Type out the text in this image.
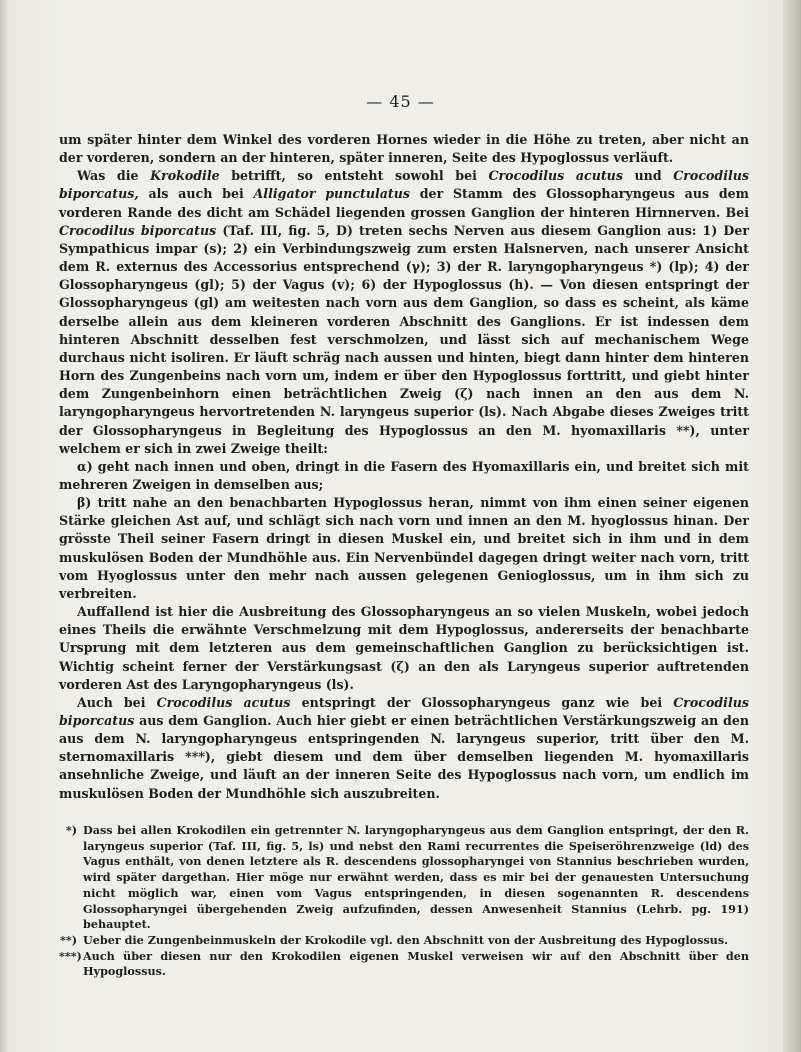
— 45 —

um später hinter dem Winkel des vorderen Hornes wieder in die Höhe zu treten, aber nicht an der vorderen, sondern an der hinteren, später inneren, Seite des Hypoglossus verläuft.

Was die Krokodile betrifft, so entsteht sowohl bei Crocodilus acutus und Crocodilus biporcatus, als auch bei Alligator punctulatus der Stamm des Glossopharyngeus aus dem vorderen Rande des dicht am Schädel liegenden grossen Ganglion der hinteren Hirnnerven. Bei Crocodilus biporcatus (Taf. III, fig. 5, D) treten sechs Nerven aus diesem Ganglion aus: 1) Der Sympathicus impar (s); 2) ein Verbindungszweig zum ersten Halsnerven, nach unserer Ansicht dem R. externus des Accessorius entsprechend (γ); 3) der R. laryngopharyngeus *) (lp); 4) der Glossopharyngeus (gl); 5) der Vagus (v); 6) der Hypoglossus (h). — Von diesen entspringt der Glossopharyngeus (gl) am weitesten nach vorn aus dem Ganglion, so dass es scheint, als käme derselbe allein aus dem kleineren vorderen Abschnitt des Ganglions. Er ist indessen dem hinteren Abschnitt desselben fest verschmolzen, und lässt sich auf mechanischem Wege durchaus nicht isoliren. Er läuft schräg nach aussen und hinten, biegt dann hinter dem hinteren Horn des Zungenbeins nach vorn um, indem er über den Hypoglossus forttritt, und giebt hinter dem Zungenbeinhorn einen beträchtlichen Zweig (ζ) nach innen an den aus dem N. laryngopharyngeus hervortretenden N. laryngeus superior (ls). Nach Abgabe dieses Zweiges tritt der Glossopharyngeus in Begleitung des Hypoglossus an den M. hyomaxillaris **), unter welchem er sich in zwei Zweige theilt:

α) geht nach innen und oben, dringt in die Fasern des Hyomaxillaris ein, und breitet sich mit mehreren Zweigen in demselben aus;

β) tritt nahe an den benachbarten Hypoglossus heran, nimmt von ihm einen seiner eigenen Stärke gleichen Ast auf, und schlägt sich nach vorn und innen an den M. hyoglossus hinan. Der grösste Theil seiner Fasern dringt in diesen Muskel ein, und breitet sich in ihm und in dem muskulösen Boden der Mundhöhle aus. Ein Nervenbündel dagegen dringt weiter nach vorn, tritt vom Hyoglossus unter den mehr nach aussen gelegenen Genioglossus, um in ihm sich zu verbreiten.

Auffallend ist hier die Ausbreitung des Glossopharyngeus an so vielen Muskeln, wobei jedoch eines Theils die erwähnte Verschmelzung mit dem Hypoglossus, andererseits der benachbarte Ursprung mit dem letzteren aus dem gemeinschaftlichen Ganglion zu berücksichtigen ist. Wichtig scheint ferner der Verstärkungsast (ζ) an den als Laryngeus superior auftretenden vorderen Ast des Laryngopharyngeus (ls).

Auch bei Crocodilus acutus entspringt der Glossopharyngeus ganz wie bei Crocodilus biporcatus aus dem Ganglion. Auch hier giebt er einen beträchtlichen Verstärkungszweig an den aus dem N. laryngopharyngeus entspringenden N. laryngeus superior, tritt über den M. sternomaxillaris ***), giebt diesem und dem über demselben liegenden M. hyomaxillaris ansehnliche Zweige, und läuft an der inneren Seite des Hypoglossus nach vorn, um endlich im muskulösen Boden der Mundhöhle sich auszubreiten.

*) Dass bei allen Krokodilen ein getrennter N. laryngopharyngeus aus dem Ganglion entspringt, der den R. laryngeus superior (Taf. III, fig. 5, ls) und nebst den Rami recurrentes die Speiseröhrenzweige (ld) des Vagus enthält, von denen letztere als R. descendens glossopharyngei von Stannius beschrieben wurden, wird später dargethan. Hier möge nur erwähnt werden, dass es mir bei der genauesten Untersuchung nicht möglich war, einen vom Vagus entspringenden, in diesen sogenannten R. descendens Glossopharyngei übergehenden Zweig aufzufinden, dessen Anwesenheit Stannius (Lehrb. pg. 191) behauptet.
**) Ueber die Zungenbeinmuskeln der Krokodile vgl. den Abschnitt von der Ausbreitung des Hypoglossus.
***) Auch über diesen nur den Krokodilen eigenen Muskel verweisen wir auf den Abschnitt über den Hypoglossus.
